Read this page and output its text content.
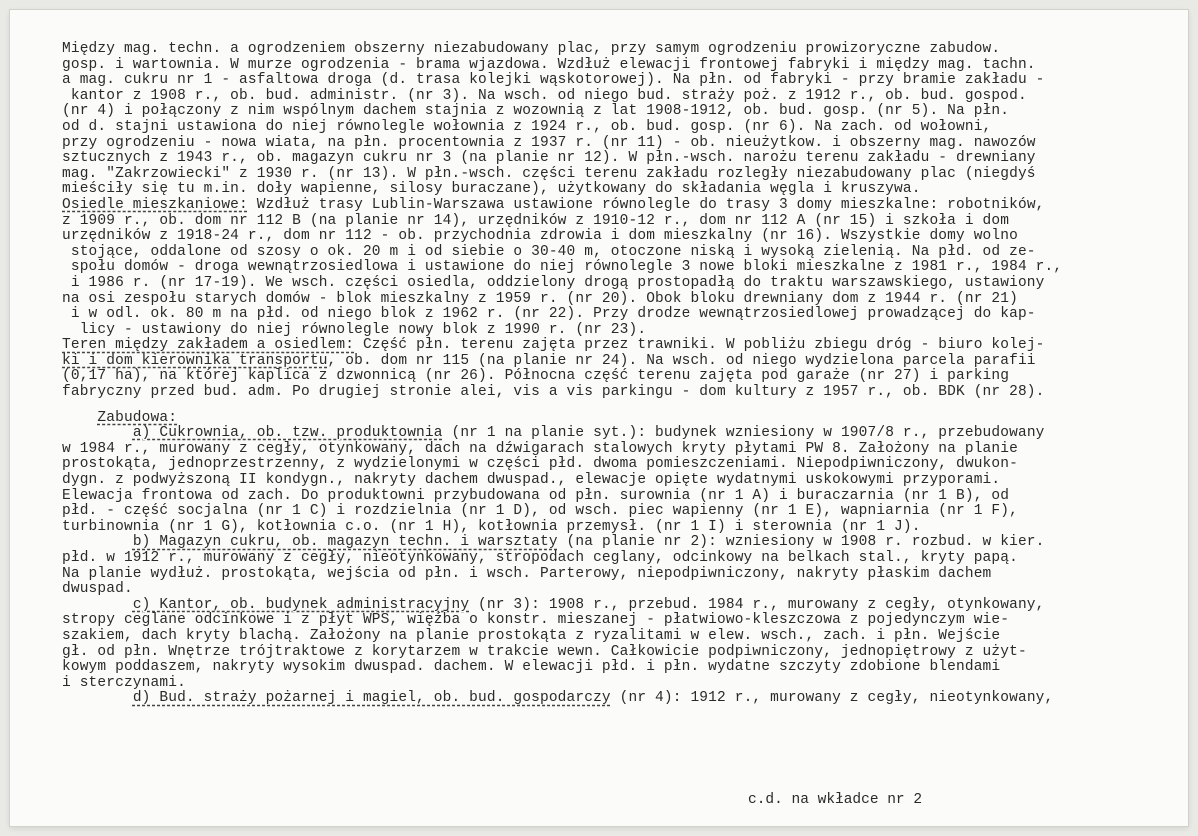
Między mag. techn. a ogrodzeniem obszerny niezabudowany plac, przy samym ogrodzeniu prowizoryczne zabudow.
gosp. i wartownia. W murze ogrodzenia - brama wjazdowa. Wzdłuż elewacji frontowej fabryki i między mag. tachn.
a mag. cukru nr 1 - asfaltowa droga (d. trasa kolejki wąskotorowej). Na płn. od fabryki - przy bramie zakładu -
kantor z 1908 r., ob. bud. administr. (nr 3). Na wsch. od niego bud. straży poż. z 1912 r., ob. bud. gospod.
(nr 4) i połączony z nim wspólnym dachem stajnia z wozownią z lat 1908-1912, ob. bud. gosp. (nr 5). Na płn.
od d. stajni ustawiona do niej równolegle wołownia z 1924 r., ob. bud. gosp. (nr 6). Na zach. od wołowni,
przy ogrodzeniu - nowa wiata, na płn. procentownia z 1937 r. (nr 11) - ob. nieużytkow. i obszerny mag. nawozów
sztucznych z 1943 r., ob. magazyn cukru nr 3 (na planie nr 12). W płn.-wsch. narożu terenu zakładu - drewniany
mag. "Zakrzowiecki" z 1930 r. (nr 13). W płn.-wsch. części terenu zakładu rozległy niezabudowany plac (niegdyś
mieściły się tu m.in. doły wapienne, silosy buraczane), użytkowany do składania węgla i kruszywa.
Osiedle mieszkaniowe: Wzdłuż trasy Lublin-Warszawa ustawione równolegle do trasy 3 domy mieszkalne: robotników,
z 1909 r., ob. dom nr 112 B (na planie nr 14), urzędników z 1910-12 r., dom nr 112 A (nr 15) i szkoła i dom
urzędników z 1918-24 r., dom nr 112 - ob. przychodnia zdrowia i dom mieszkalny (nr 16). Wszystkie domy wolno
stojące, oddalone od szosy o ok. 20 m i od siebie o 30-40 m, otoczone niską i wysoką zielenią. Na płd. od ze-
społu domów - droga wewnątrzosiedlowa i ustawione do niej równolegle 3 nowe bloki mieszkalne z 1981 r., 1984 r.,
i 1986 r. (nr 17-19). We wsch. części osiedla, oddzielony drogą prostopadłą do traktu warszawskiego, ustawiony
na osi zespołu starych domów - blok mieszkalny z 1959 r. (nr 20). Obok bloku drewniany dom z 1944 r. (nr 21)
i w odl. ok. 80 m na płd. od niego blok z 1962 r. (nr 22). Przy drodze wewnątrzosiedlowej prowadzącej do kap-
licy - ustawiony do niej równolegle nowy blok z 1990 r. (nr 23).
Teren między zakładem a osiedlem: Część płn. terenu zajęta przez trawniki. W pobliżu zbiegu dróg - biuro kolej-
ki i dom kierownika transportu, ob. dom nr 115 (na planie nr 24). Na wsch. od niego wydzielona parcela parafii
(0,17 ha), na której kaplica z dzwonnicą (nr 26). Północna część terenu zajęta pod garaże (nr 27) i parking
fabryczny przed bud. adm. Po drugiej stronie alei, vis a vis parkingu - dom kultury z 1957 r., ob. BDK (nr 28).
Zabudowa:
a) Cukrownia, ob. tzw. produktownia (nr 1 na planie syt.): budynek wzniesiony w 1907/8 r., przebudowany
w 1984 r., murowany z cegły, otynkowany, dach na dźwigarach stalowych kryty płytami PW 8. Założony na planie
prostokąta, jednoprzestrzenny, z wydzielonymi w części płd. dwoma pomieszczeniami. Niepodpiwniczony, dwukon-
dygn. z podwyższoną II kondygn., nakryty dachem dwuspad., elewacje opięte wydatnymi uskokowymi przyporami.
Elewacja frontowa od zach. Do produktowni przybudowana od płn. surownia (nr 1 A) i buraczarnia (nr 1 B), od
płd. - część socjalna (nr 1 C) i rozdzielnia (nr 1 D), od wsch. piec wapienny (nr 1 E), wapniarnia (nr 1 F),
turbinownia (nr 1 G), kotłownia c.o. (nr 1 H), kotłownia przemysł. (nr 1 I) i sterownia (nr 1 J).
b) Magazyn cukru, ob. magazyn techn. i warsztaty (na planie nr 2): wzniesiony w 1908 r. rozbud. w kier.
płd. w 1912 r., murowany z cegły, nieotynkowany, stropodach ceglany, odcinkowy na belkach stal., kryty papą.
Na planie wydłuż. prostokąta, wejścia od płn. i wsch. Parterowy, niepodpiwniczony, nakryty płaskim dachem
dwuspad.
c) Kantor, ob. budynek administracyjny (nr 3): 1908 r., przebud. 1984 r., murowany z cegły, otynkowany,
stropy ceglane odcinkowe i z płyt WPS, więźba o konstr. mieszanej - płatwiowo-kleszczowa z pojedynczym wie-
szakiem, dach kryty blachą. Założony na planie prostokąta z ryzalitami w elew. wsch., zach. i płn. Wejście
gł. od płn. Wnętrze trójtraktowe z korytarzem w trakcie wewn. Całkowicie podpiwniczony, jednopiętrowy z użyt-
kowym poddaszem, nakryty wysokim dwuspad. dachem. W elewacji płd. i płn. wydatne szczyty zdobione blendami
i sterczynami.
d) Bud. straży pożarnej i magiel, ob. bud. gospodarczy (nr 4): 1912 r., murowany z cegły, nieotynkowany,
c.d. na wkładce nr 2
